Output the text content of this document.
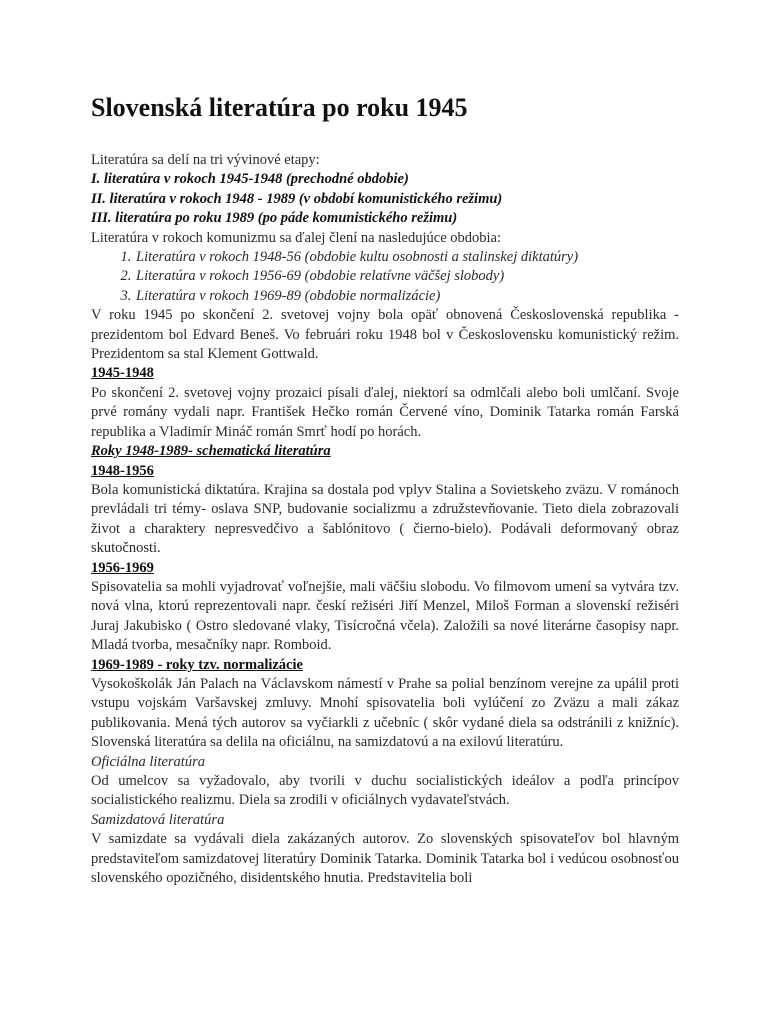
Slovenská literatúra po roku 1945
Literatúra sa delí na tri vývinové etapy:
I. literatúra v rokoch 1945-1948 (prechodné obdobie)
II. literatúra v rokoch 1948 - 1989 (v období komunistického režimu)
III. literatúra po roku 1989 (po páde komunistického režimu)
Literatúra v rokoch komunizmu sa ďalej člení na nasledujúce obdobia:
1. Literatúra v rokoch 1948-56 (obdobie kultu osobnosti a stalinskej diktatúry)
2. Literatúra v rokoch 1956-69 (obdobie relatívne väčšej slobody)
3. Literatúra v rokoch 1969-89 (obdobie normalizácie)

V roku 1945 po skončení 2. svetovej vojny bola opäť obnovená Československá republika -prezidentom bol Edvard Beneš. Vo februári roku 1948 bol v Československu komunistický režim. Prezidentom sa stal Klement Gottwald.

1945-1948

Po skončení 2. svetovej vojny prozaici písali ďalej, niektorí sa odmlčali alebo boli umlčaní. Svoje prvé romány vydali napr. František Hečko román Červené víno, Dominik Tatarka román Farská republika a Vladimír Mináč román Smrť hodí po horách.

Roky 1948-1989- schematická literatúra
1948-1956

Bola komunistická diktatúra. Krajina sa dostala pod vplyv Stalina a Sovietskeho zväzu. V románoch prevládali tri témy- oslava SNP, budovanie socializmu a združstevňovanie. Tieto diela zobrazovali život a charaktery nepresvedčivo a šablónitovo ( čierno-bielo). Podávali deformovaný obraz skutočnosti.

1956-1969

Spisovatelia sa mohli vyjadrovať voľnejšie, mali väčšiu slobodu. Vo filmovom umení sa vytvára tzv. nová vlna, ktorú reprezentovali napr. českí režiséri Jiří Menzel, Miloš Forman a slovenskí režiséri Juraj Jakubisko ( Ostro sledované vlaky, Tisícročná včela). Založili sa nové literárne časopisy napr. Mladá tvorba, mesačníky napr. Romboid.

1969-1989 - roky tzv. normalizácie

Vysokoškolák Ján Palach na Václavskom námestí v Prahe sa polial benzínom verejne za upálil proti vstupu vojskám Varšavskej zmluvy. Mnohí spisovatelia boli vylúčení zo Zväzu a mali zákaz publikovania. Mená tých autorov sa vyčiarkli z učebníc ( skôr vydané diela sa odstránili z knižníc). Slovenská literatúra sa delila na oficiálnu, na samizdatovú a na exilovú literatúru.

Oficiálna literatúra

Od umelcov sa vyžadovalo, aby tvorili v duchu socialistických ideálov a podľa princípov socialistického realizmu. Diela sa zrodili v oficiálnych vydavateľstvách.

Samizdatová literatúra

V samizdate sa vydávali diela zakázaných autorov. Zo slovenských spisovateľov bol hlavným predstaviteľom samizdatovej literatúry Dominik Tatarka. Dominik Tatarka bol i vedúcou osobnosťou slovenského opozičného, disidentského hnutia. Predstavitelia boli
